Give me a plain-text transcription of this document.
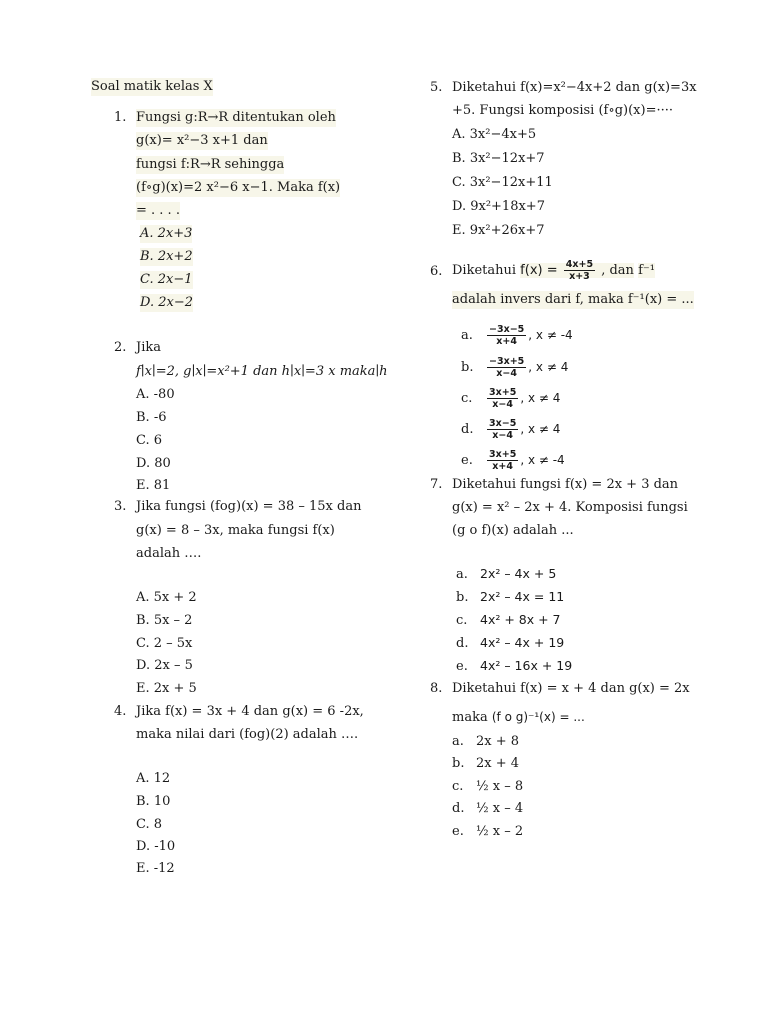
Soal matik kelas X
1. Fungsi g:R→R ditentukan oleh
g(x)= x²−3 x+1 dan
fungsi f:R→R sehingga
(f∘g)(x)=2 x²−6 x−1. Maka f(x)
= . . . .
A. 2x+3
B. 2x+2
C. 2x−1
D. 2x−2
2. Jika
f∣x∣=2, g∣x∣=x²+1 dan h∣x∣=3 x maka∣h
A. -80
B. -6
C. 6
D. 80
E. 81
3. Jika fungsi (fog)(x) = 38 – 15x dan
g(x) = 8 – 3x, maka fungsi f(x)
adalah ….
A. 5x + 2
B. 5x – 2
C. 2 – 5x
D. 2x – 5
E. 2x + 5
4. Jika f(x) = 3x + 4 dan g(x) = 6 -2x,
maka nilai dari (fog)(2) adalah ….
A. 12
B. 10
C. 8
D. -10
E. -12
5. Diketahui f(x)=x²−4x+2 dan g(x)=3x
+5. Fungsi komposisi (f∘g)(x)=····
A. 3x²−4x+5
B. 3x²−12x+7
C. 3x²−12x+11
D. 9x²+18x+7
E. 9x²+26x+7
6. Diketahui $f(x) = \frac{4x+5}{x+3}$ , dan f⁻¹
adalah invers dari f, maka f⁻¹(x) = ...
a. $\frac{-3x-5}{x+4}$ , x ≠ -4
b. $\frac{-3x+5}{x-4}$ , x ≠ 4
c. $\frac{3x+5}{x-4}$ , x ≠ 4
d. $\frac{3x-5}{x-4}$ , x ≠ 4
e. $\frac{3x+5}{x+4}$ , x ≠ -4
7. Diketahui fungsi f(x) = 2x + 3 dan
g(x) = x² – 2x + 4. Komposisi fungsi
(g o f)(x) adalah ...
a. 2x² – 4x + 5
b. 2x² – 4x = 11
c. 4x² + 8x + 7
d. 4x² – 4x + 19
e. 4x² – 16x + 19
8. Diketahui f(x) = x + 4 dan g(x) = 2x
maka (f o g)⁻¹(x) = ...
a. 2x + 8
b. 2x + 4
c. ½ x – 8
d. ½ x – 4
e. ½ x – 2
